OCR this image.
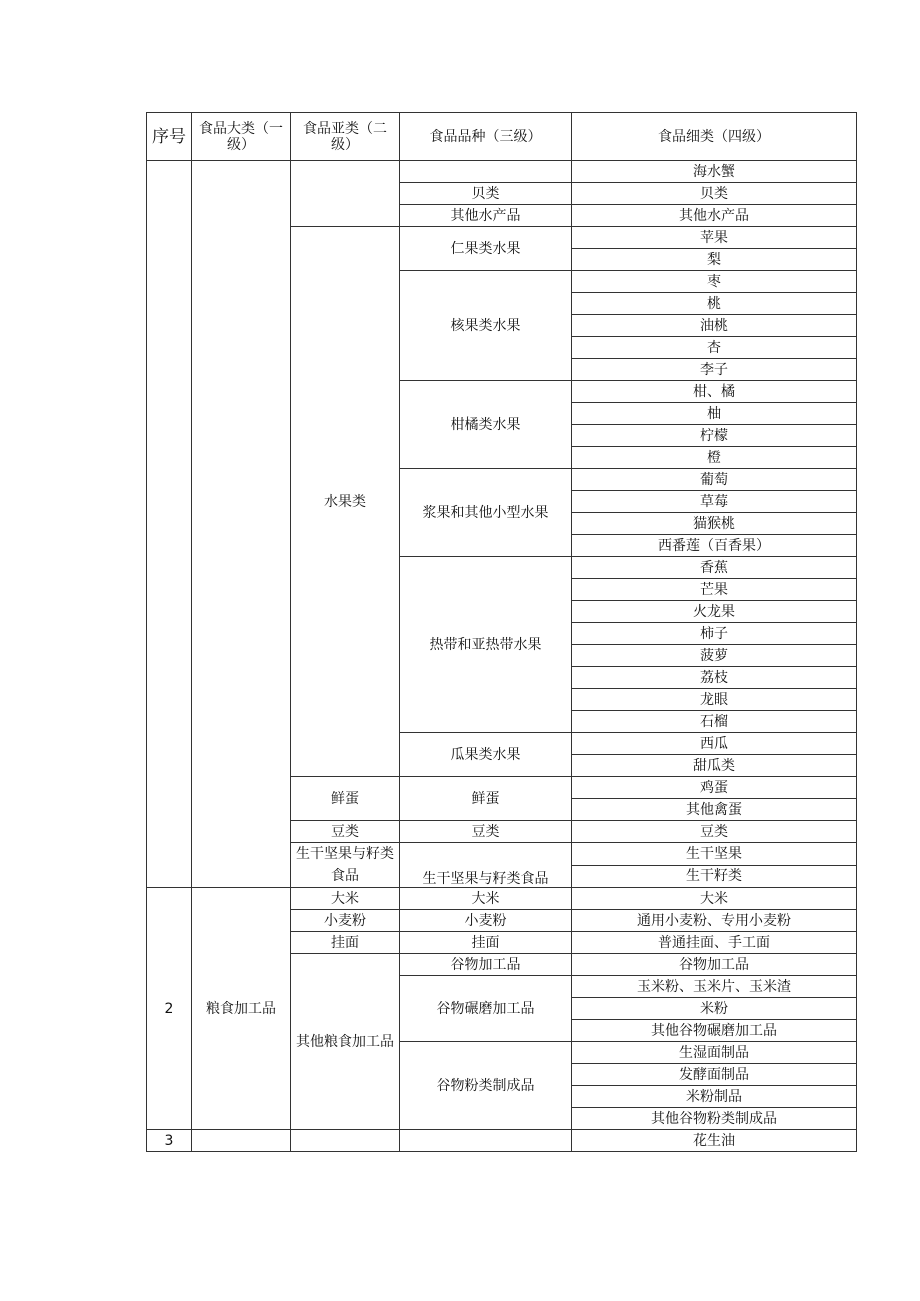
序号	食品大类（一级）	食品亚类（二级）	食品品种（三级）	食品细类（四级）
				海水蟹
			贝类	贝类
			其他水产品	其他水产品
		水果类	仁果类水果	苹果
				梨
			核果类水果	枣
				桃
				油桃
				杏
				李子
			柑橘类水果	柑、橘
				柚
				柠檬
				橙
			浆果和其他小型水果	葡萄
				草莓
				猫猴桃
				西番莲（百香果）
			热带和亚热带水果	香蕉
				芒果
				火龙果
				柿子
				菠萝
				荔枝
				龙眼
				石榴
			瓜果类水果	西瓜
				甜瓜类
		鲜蛋	鲜蛋	鸡蛋
				其他禽蛋
		豆类	豆类	豆类
		生干坚果与籽类食品	生干坚果与籽类食品	生干坚果
				生干籽类
2	粮食加工品	大米	大米	大米
		小麦粉	小麦粉	通用小麦粉、专用小麦粉
		挂面	挂面	普通挂面、手工面
		其他粮食加工品	谷物加工品	谷物加工品
			谷物碾磨加工品	玉米粉、玉米片、玉米渣
				米粉
				其他谷物碾磨加工品
			谷物粉类制成品	生湿面制品
				发酵面制品
				米粉制品
				其他谷物粉类制成品
3				花生油
